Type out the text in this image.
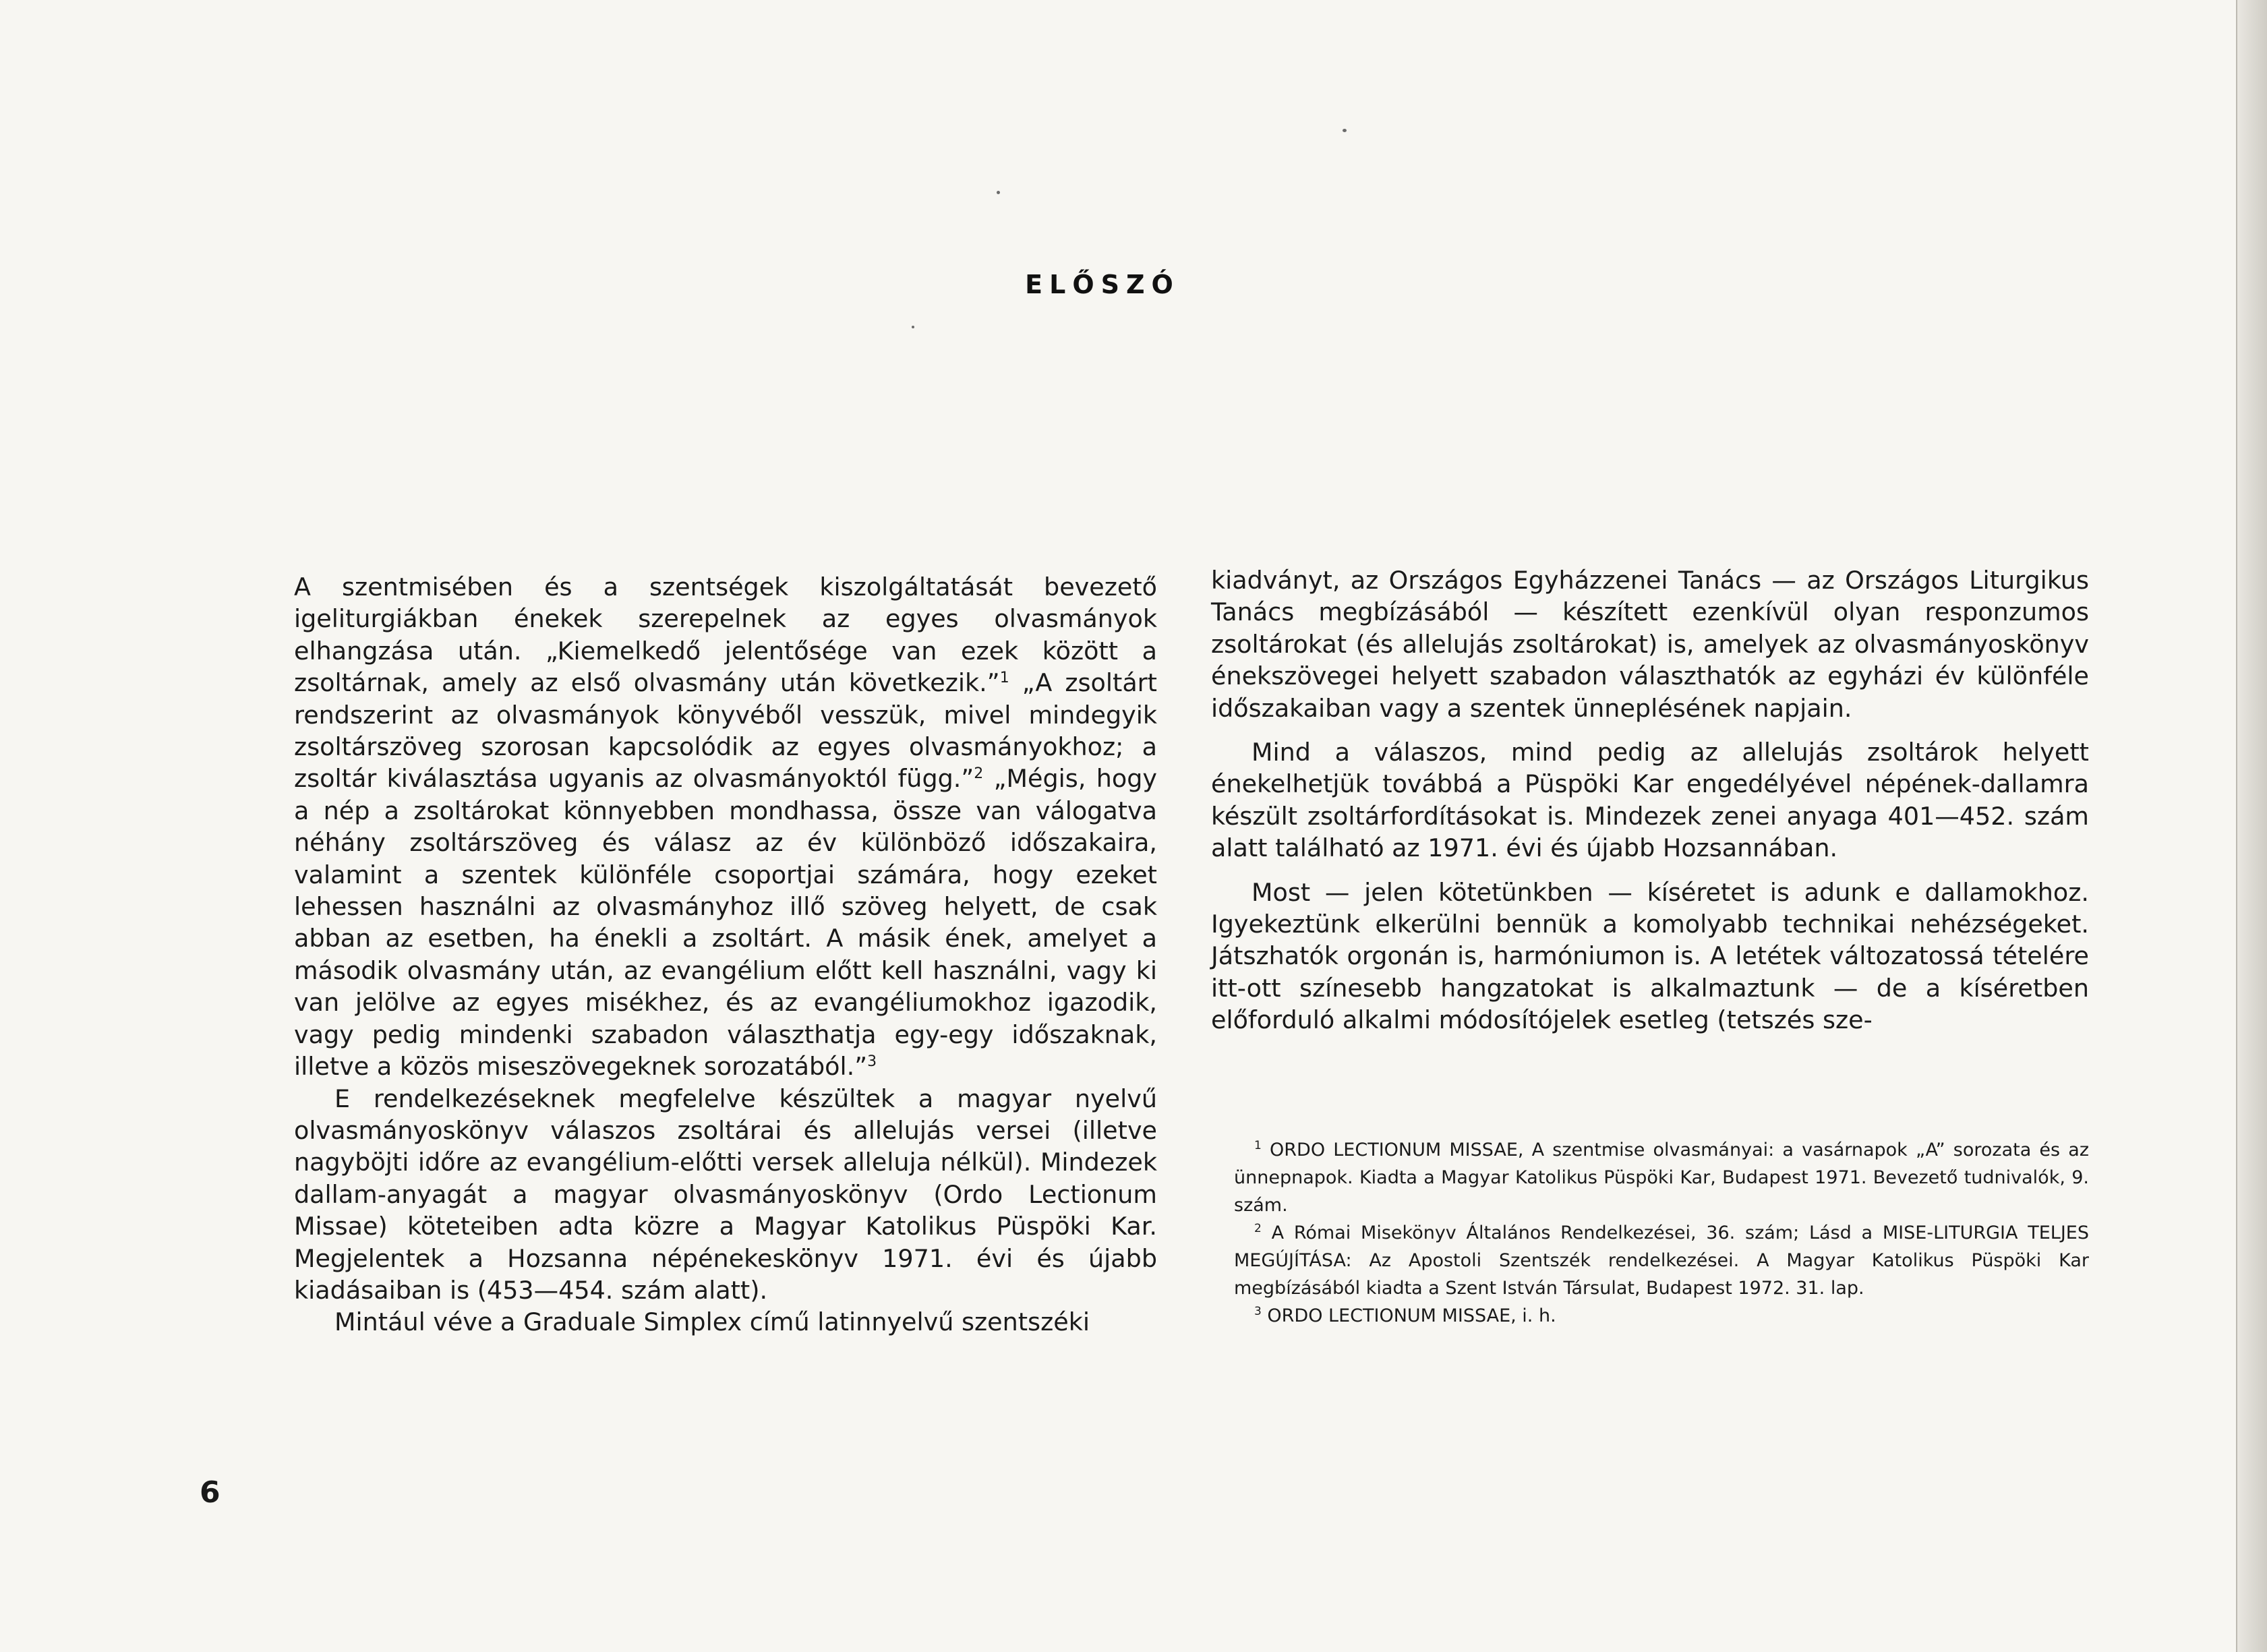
ELŐSZÓ

A szentmisében és a szentségek kiszolgáltatását bevezető igeliturgiákban énekek szerepelnek az egyes olvasmányok elhangzása után. „Kiemelkedő jelentősége van ezek között a zsoltárnak, amely az első olvasmány után következik.”$^1$ „A zsoltárt rendszerint az olvasmányok könyvéből vesszük, mivel mindegyik zsoltárszöveg szorosan kapcsolódik az egyes olvasmányokhoz; a zsoltár kiválasztása ugyanis az olvasmányoktól függ.”$^2$ „Mégis, hogy a nép a zsoltárokat könnyebben mondhassa, össze van válogatva néhány zsoltárszöveg és válasz az év különböző időszakaira, valamint a szentek különféle csoportjai számára, hogy ezeket lehessen használni az olvasmányhoz illő szöveg helyett, de csak abban az esetben, ha énekli a zsoltárt. A másik ének, amelyet a második olvasmány után, az evangélium előtt kell használni, vagy ki van jelölve az egyes misékhez, és az evangéliumokhoz igazodik, vagy pedig mindenki szabadon választhatja egy-egy időszaknak, illetve a közös miseszövegeknek sorozatából.”$^3$

E rendelkezéseknek megfelelve készültek a magyar nyelvű olvasmányoskönyv válaszos zsoltárai és allelujás versei (illetve nagyböjti időre az evangélium-előtti versek alleluja nélkül). Mindezek dallam-anyagát a magyar olvasmányoskönyv (Ordo Lectionum Missae) köteteiben adta közre a Magyar Katolikus Püspöki Kar. Megjelentek a Hozsanna népénekeskönyv 1971. évi és újabb kiadásaiban is (453—454. szám alatt).

Mintául véve a Graduale Simplex című latinnyelvű szentszéki

kiadványt, az Országos Egyházzenei Tanács — az Országos Liturgikus Tanács megbízásából — készített ezenkívül olyan responzumos zsoltárokat (és allelujás zsoltárokat) is, amelyek az olvasmányoskönyv énekszövegei helyett szabadon választhatók az egyházi év különféle időszakaiban vagy a szentek ünneplésének napjain.

Mind a válaszos, mind pedig az allelujás zsoltárok helyett énekelhetjük továbbá a Püspöki Kar engedélyével népének-dallamra készült zsoltárfordításokat is. Mindezek zenei anyaga 401—452. szám alatt található az 1971. évi és újabb Hozsannában.

Most — jelen kötetünkben — kíséretet is adunk e dallamokhoz. Igyekeztünk elkerülni bennük a komolyabb technikai nehézségeket. Játszhatók orgonán is, harmóniumon is. A letétek változatossá tételére itt-ott színesebb hangzatokat is alkalmaztunk — de a kíséretben előforduló alkalmi módosítójelek esetleg (tetszés sze-

$^1$ ORDO LECTIONUM MISSAE, A szentmise olvasmányai: a vasárnapok „A” sorozata és az ünnepnapok. Kiadta a Magyar Katolikus Püspöki Kar, Budapest 1971. Bevezető tudnivalók, 9. szám.

$^2$ A Római Misekönyv Általános Rendelkezései, 36. szám; Lásd a MISE-LITURGIA TELJES MEGÚJÍTÁSA: Az Apostoli Szentszék rendelkezései. A Magyar Katolikus Püspöki Kar megbízásából kiadta a Szent István Társulat, Budapest 1972. 31. lap.

$^3$ ORDO LECTIONUM MISSAE, i. h.

6
